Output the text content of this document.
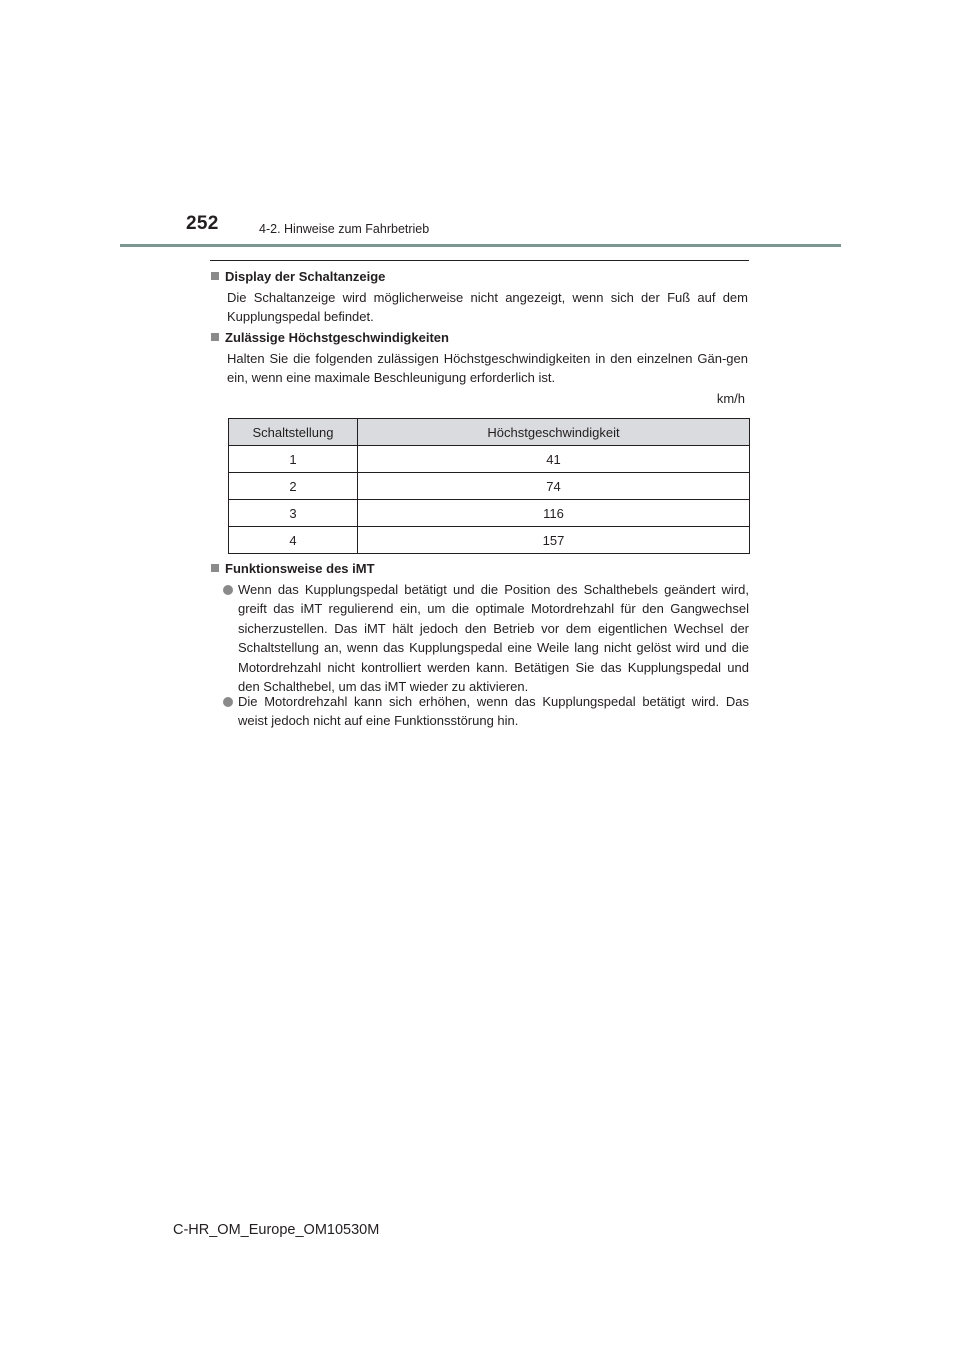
252	4-2. Hinweise zum Fahrbetrieb
Display der Schaltanzeige
Die Schaltanzeige wird möglicherweise nicht angezeigt, wenn sich der Fuß auf dem Kupplungspedal befindet.
Zulässige Höchstgeschwindigkeiten
Halten Sie die folgenden zulässigen Höchstgeschwindigkeiten in den einzelnen Gän-gen ein, wenn eine maximale Beschleunigung erforderlich ist.
km/h
Schaltstellung	Höchstgeschwindigkeit
1	41
2	74
3	116
4	157
Funktionsweise des iMT
Wenn das Kupplungspedal betätigt und die Position des Schalthebels geändert wird, greift das iMT regulierend ein, um die optimale Motordrehzahl für den Gangwechsel sicherzustellen. Das iMT hält jedoch den Betrieb vor dem eigentlichen Wechsel der Schaltstellung an, wenn das Kupplungspedal eine Weile lang nicht gelöst wird und die Motordrehzahl nicht kontrolliert werden kann. Betätigen Sie das Kupplungspedal und den Schalthebel, um das iMT wieder zu aktivieren.
Die Motordrehzahl kann sich erhöhen, wenn das Kupplungspedal betätigt wird. Das weist jedoch nicht auf eine Funktionsstörung hin.
C-HR_OM_Europe_OM10530M
